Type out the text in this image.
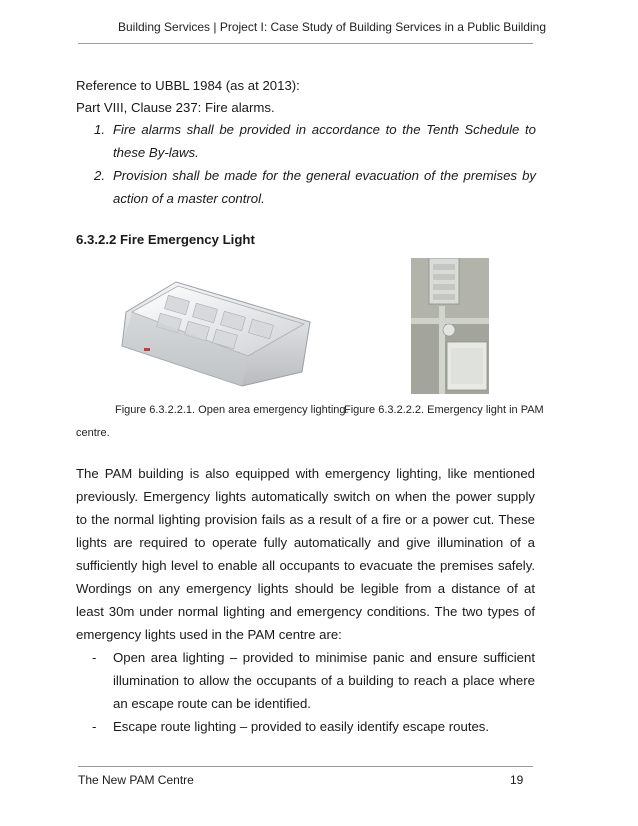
Building Services | Project I: Case Study of Building Services in a Public Building

Reference to UBBL 1984 (as at 2013):

Part VIII, Clause 237: Fire alarms.

1. Fire alarms shall be provided in accordance to the Tenth Schedule to these By-laws.
2. Provision shall be made for the general evacuation of the premises by action of a master control.
6.3.2.2 Fire Emergency Light
Figure 6.3.2.2.1. Open area emergency lighting.
Figure 6.3.2.2.2. Emergency light in PAM
centre.

The PAM building is also equipped with emergency lighting, like mentioned previously. Emergency lights automatically switch on when the power supply to the normal lighting provision fails as a result of a fire or a power cut. These lights are required to operate fully automatically and give illumination of a sufficiently high level to enable all occupants to evacuate the premises safely. Wordings on any emergency lights should be legible from a distance of at least 30m under normal lighting and emergency conditions. The two types of emergency lights used in the PAM centre are:

- Open area lighting – provided to minimise panic and ensure sufficient illumination to allow the occupants of a building to reach a place where an escape route can be identified.
- Escape route lighting – provided to easily identify escape routes.
The New PAM Centre	19
